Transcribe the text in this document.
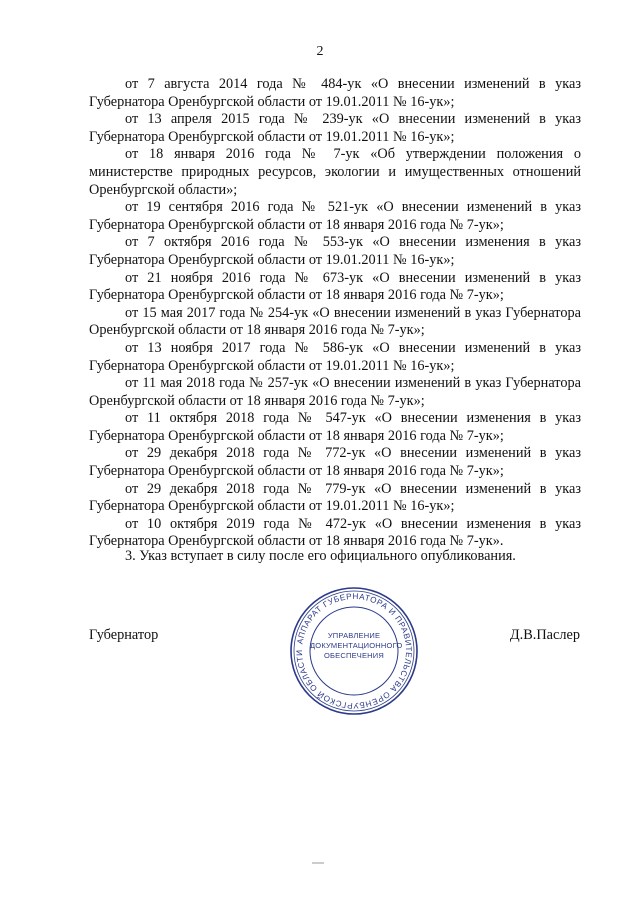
2

от 7 августа 2014 года № 484-ук «О внесении изменений в указ Губернатора Оренбургской области от 19.01.2011 № 16-ук»;

от 13 апреля 2015 года № 239-ук «О внесении изменений в указ Губернатора Оренбургской области от 19.01.2011 № 16-ук»;

от 18 января 2016 года № 7-ук «Об утверждении положения о министерстве природных ресурсов, экологии и имущественных отношений Оренбургской области»;

от 19 сентября 2016 года № 521-ук «О внесении изменений в указ Губернатора Оренбургской области от 18 января 2016 года № 7-ук»;

от 7 октября 2016 года № 553-ук «О внесении изменения в указ Губернатора Оренбургской области от 19.01.2011 № 16-ук»;

от 21 ноября 2016 года № 673-ук «О внесении изменений в указ Губернатора Оренбургской области от 18 января 2016 года № 7-ук»;

от 15 мая 2017 года № 254-ук «О внесении изменений в указ Губернатора Оренбургской области от 18 января 2016 года № 7-ук»;

от 13 ноября 2017 года № 586-ук «О внесении изменений в указ Губернатора Оренбургской области от 19.01.2011 № 16-ук»;

от 11 мая 2018 года № 257-ук «О внесении изменений в указ Губернатора Оренбургской области от 18 января 2016 года № 7-ук»;

от 11 октября 2018 года № 547-ук «О внесении изменения в указ Губернатора Оренбургской области от 18 января 2016 года № 7-ук»;

от 29 декабря 2018 года № 772-ук «О внесении изменений в указ Губернатора Оренбургской области от 18 января 2016 года № 7-ук»;

от 29 декабря 2018 года № 779-ук «О внесении изменений в указ Губернатора Оренбургской области от 19.01.2011 № 16-ук»;

от 10 октября 2019 года № 472-ук «О внесении изменения в указ Губернатора Оренбургской области от 18 января 2016 года № 7-ук».

3. Указ вступает в силу после его официального опубликования.
Губернатор	Д.В.Паслер
АППАРАТ ГУБЕРНАТОРА И ПРАВИТЕЛЬСТВА ОРЕНБУРГСКОЙ ОБЛАСТИ
УПРАВЛЕНИЕ
ДОКУМЕНТАЦИОННОГО
ОБЕСПЕЧЕНИЯ
